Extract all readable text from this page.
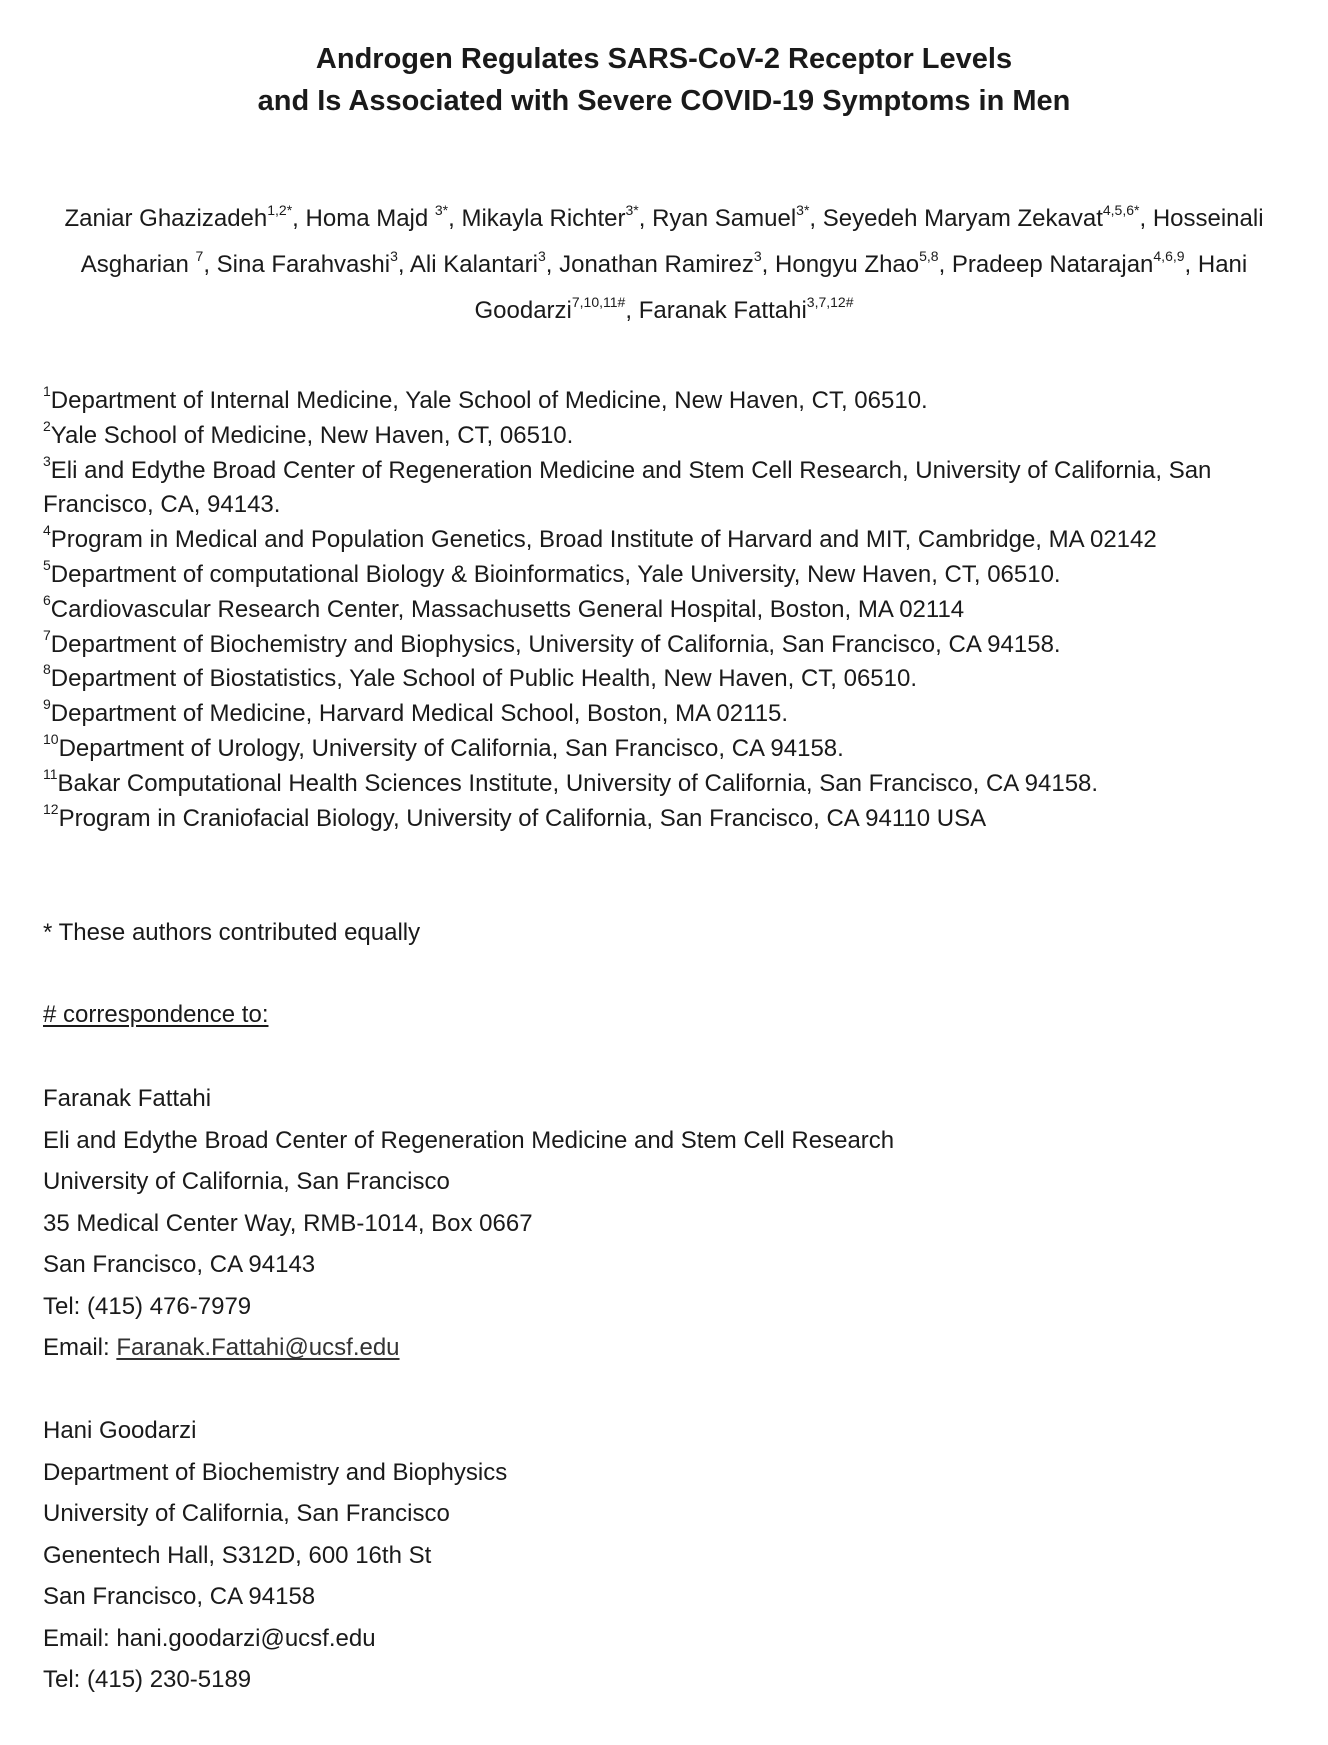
Androgen Regulates SARS-CoV-2 Receptor Levels
and Is Associated with Severe COVID-19 Symptoms in Men
Zaniar Ghazizadeh$^{1,2*}$, Homa Majd $^{3*}$, Mikayla Richter$^{3*}$, Ryan Samuel$^{3*}$, Seyedeh Maryam Zekavat$^{4,5,6*}$, Hosseinali Asgharian $^7$, Sina Farahvashi$^3$, Ali Kalantari$^3$, Jonathan Ramirez$^3$, Hongyu Zhao$^{5,8}$, Pradeep Natarajan$^{4,6,9}$, Hani Goodarzi$^{7,10,11\#}$, Faranak Fattahi$^{3,7,12\#}$
$^1$Department of Internal Medicine, Yale School of Medicine, New Haven, CT, 06510.
$^2$Yale School of Medicine, New Haven, CT, 06510.
$^3$Eli and Edythe Broad Center of Regeneration Medicine and Stem Cell Research, University of California, San Francisco, CA, 94143.
$^4$Program in Medical and Population Genetics, Broad Institute of Harvard and MIT, Cambridge, MA 02142
$^5$Department of computational Biology & Bioinformatics, Yale University, New Haven, CT, 06510.
$^6$Cardiovascular Research Center, Massachusetts General Hospital, Boston, MA 02114
$^7$Department of Biochemistry and Biophysics, University of California, San Francisco, CA 94158.
$^8$Department of Biostatistics, Yale School of Public Health, New Haven, CT, 06510.
$^9$Department of Medicine, Harvard Medical School, Boston, MA 02115.
$^{10}$Department of Urology, University of California, San Francisco, CA 94158.
$^{11}$Bakar Computational Health Sciences Institute, University of California, San Francisco, CA 94158.
$^{12}$Program in Craniofacial Biology, University of California, San Francisco, CA 94110 USA
* These authors contributed equally
# correspondence to:
Faranak Fattahi
Eli and Edythe Broad Center of Regeneration Medicine and Stem Cell Research
University of California, San Francisco
35 Medical Center Way, RMB-1014, Box 0667
San Francisco, CA 94143
Tel: (415) 476-7979
Email: Faranak.Fattahi@ucsf.edu
Hani Goodarzi
Department of Biochemistry and Biophysics
University of California, San Francisco
Genentech Hall, S312D, 600 16th St
San Francisco, CA 94158
Email: hani.goodarzi@ucsf.edu
Tel: (415) 230-5189
